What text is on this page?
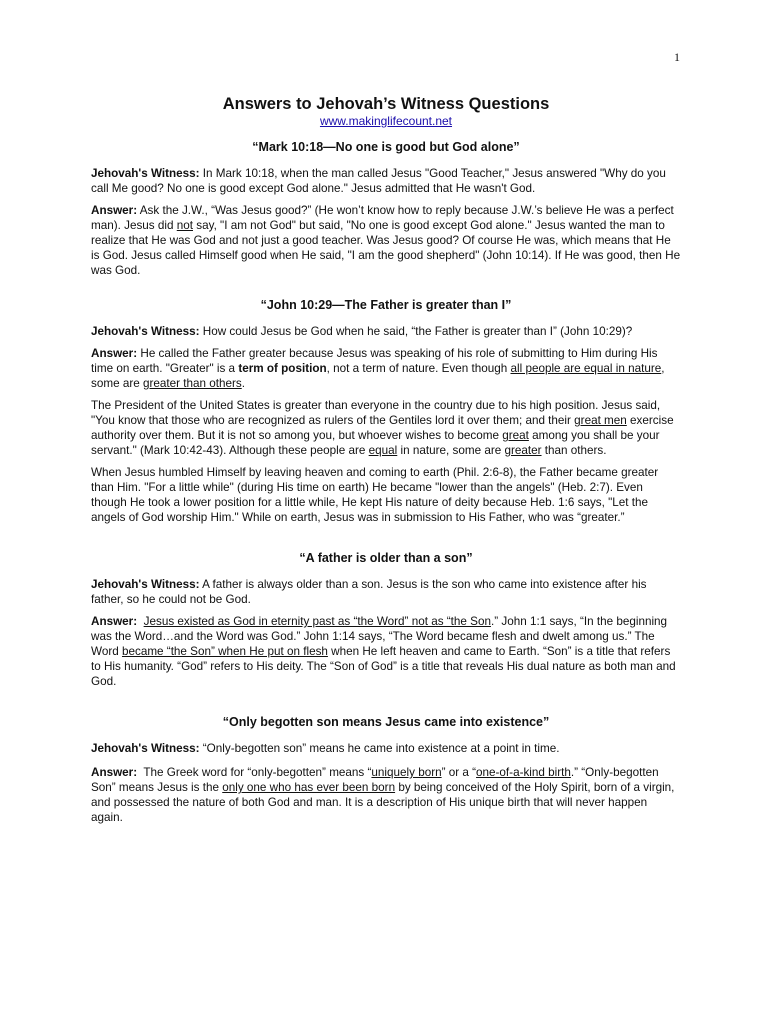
1
Answers to Jehovah’s Witness Questions
www.makinglifecount.net
“Mark 10:18—No one is good but God alone”

Jehovah's Witness: In Mark 10:18, when the man called Jesus "Good Teacher," Jesus answered "Why do you call Me good? No one is good except God alone." Jesus admitted that He wasn't God.

Answer: Ask the J.W., “Was Jesus good?” (He won’t know how to reply because J.W.’s believe He was a perfect man). Jesus did not say, "I am not God" but said, "No one is good except God alone." Jesus wanted the man to realize that He was God and not just a good teacher. Was Jesus good? Of course He was, which means that He is God. Jesus called Himself good when He said, "I am the good shepherd" (John 10:14). If He was good, then He was God.

“John 10:29—The Father is greater than I”

Jehovah's Witness: How could Jesus be God when he said, “the Father is greater than I” (John 10:29)?

Answer: He called the Father greater because Jesus was speaking of his role of submitting to Him during His time on earth. "Greater" is a term of position, not a term of nature. Even though all people are equal in nature, some are greater than others.

The President of the United States is greater than everyone in the country due to his high position. Jesus said, "You know that those who are recognized as rulers of the Gentiles lord it over them; and their great men exercise authority over them. But it is not so among you, but whoever wishes to become great among you shall be your servant." (Mark 10:42-43). Although these people are equal in nature, some are greater than others.

When Jesus humbled Himself by leaving heaven and coming to earth (Phil. 2:6-8), the Father became greater than Him. "For a little while" (during His time on earth) He became "lower than the angels" (Heb. 2:7). Even though He took a lower position for a little while, He kept His nature of deity because Heb. 1:6 says, "Let the angels of God worship Him." While on earth, Jesus was in submission to His Father, who was “greater.”

“A father is older than a son”

Jehovah's Witness: A father is always older than a son. Jesus is the son who came into existence after his father, so he could not be God.

Answer: Jesus existed as God in eternity past as “the Word” not as “the Son.” John 1:1 says, “In the beginning was the Word…and the Word was God.” John 1:14 says, “The Word became flesh and dwelt among us.” The Word became “the Son” when He put on flesh when He left heaven and came to Earth. “Son” is a title that refers to His humanity. “God” refers to His deity. The “Son of God” is a title that reveals His dual nature as both man and God.

“Only begotten son means Jesus came into existence”

Jehovah's Witness: “Only-begotten son” means he came into existence at a point in time.

Answer:  The Greek word for “only-begotten” means “uniquely born” or a “one-of-a-kind birth.” “Only-begotten Son” means Jesus is the only one who has ever been born by being conceived of the Holy Spirit, born of a virgin, and possessed the nature of both God and man. It is a description of His unique birth that will never happen again.
